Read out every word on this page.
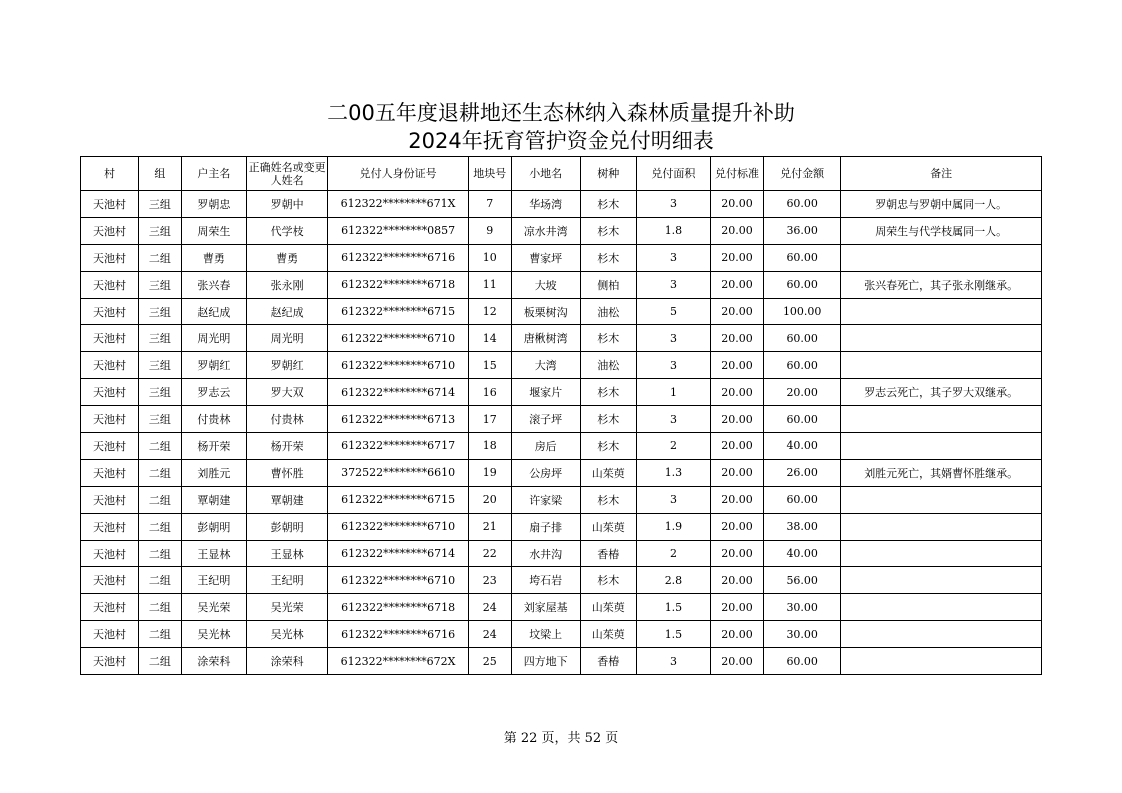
二00五年度退耕地还生态林纳入森林质量提升补助
2024年抚育管护资金兑付明细表
村	组	户主名	正确姓名或变更人姓名	兑付人身份证号	地块号	小地名	树种	兑付面积	兑付标准	兑付金额	备注
天池村	三组	罗朝忠	罗朝中	612322********671X	7	华场湾	杉木	3	20.00	60.00	罗朝忠与罗朝中属同一人。
天池村	三组	周荣生	代学枝	612322********0857	9	凉水井湾	杉木	1.8	20.00	36.00	周荣生与代学枝属同一人。
天池村	二组	曹勇	曹勇	612322********6716	10	曹家坪	杉木	3	20.00	60.00	
天池村	三组	张兴春	张永刚	612322********6718	11	大坡	侧柏	3	20.00	60.00	张兴春死亡，其子张永刚继承。
天池村	三组	赵纪成	赵纪成	612322********6715	12	板栗树沟	油松	5	20.00	100.00	
天池村	三组	周光明	周光明	612322********6710	14	唐楸树湾	杉木	3	20.00	60.00	
天池村	三组	罗朝红	罗朝红	612322********6710	15	大湾	油松	3	20.00	60.00	
天池村	三组	罗志云	罗大双	612322********6714	16	堰家片	杉木	1	20.00	20.00	罗志云死亡，其子罗大双继承。
天池村	三组	付贵林	付贵林	612322********6713	17	滚子坪	杉木	3	20.00	60.00	
天池村	二组	杨开荣	杨开荣	612322********6717	18	房后	杉木	2	20.00	40.00	
天池村	二组	刘胜元	曹怀胜	372522********6610	19	公房坪	山茱萸	1.3	20.00	26.00	刘胜元死亡，其婿曹怀胜继承。
天池村	二组	覃朝建	覃朝建	612322********6715	20	许家梁	杉木	3	20.00	60.00	
天池村	二组	彭朝明	彭朝明	612322********6710	21	扇子排	山茱萸	1.9	20.00	38.00	
天池村	二组	王显林	王显林	612322********6714	22	水井沟	香椿	2	20.00	40.00	
天池村	二组	王纪明	王纪明	612322********6710	23	垮石岩	杉木	2.8	20.00	56.00	
天池村	二组	吴光荣	吴光荣	612322********6718	24	刘家屋基	山茱萸	1.5	20.00	30.00	
天池村	二组	吴光林	吴光林	612322********6716	24	坟梁上	山茱萸	1.5	20.00	30.00	
天池村	二组	涂荣科	涂荣科	612322********672X	25	四方地下	香椿	3	20.00	60.00	
第 22 页，共 52 页
